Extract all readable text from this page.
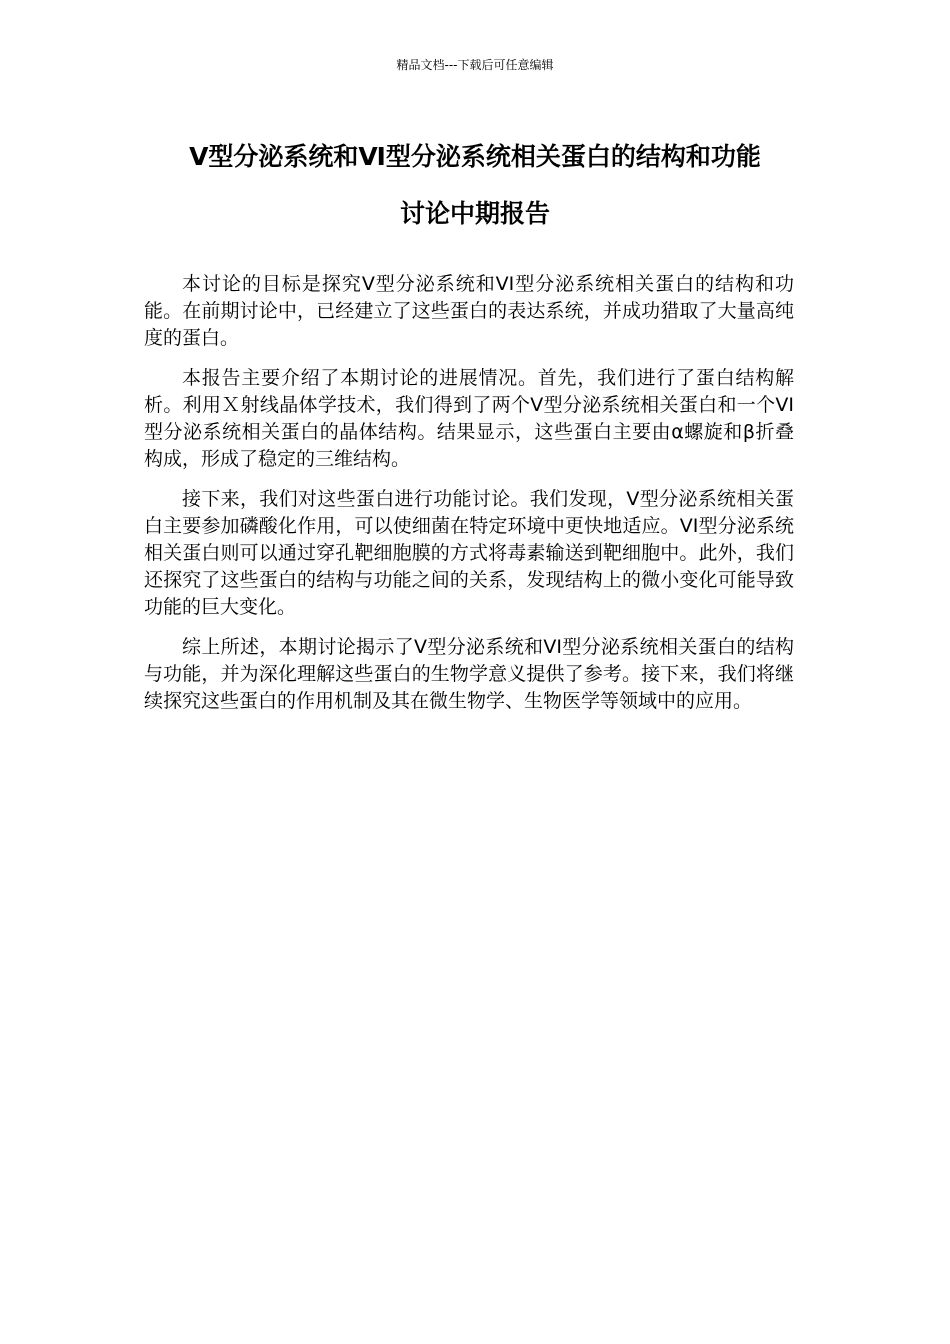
精品文档---下载后可任意编辑
Ⅴ型分泌系统和Ⅵ型分泌系统相关蛋白的结构和功能
讨论中期报告

本讨论的目标是探究Ⅴ型分泌系统和VI型分泌系统相关蛋白的结构和功能。在前期讨论中，已经建立了这些蛋白的表达系统，并成功猎取了大量高纯度的蛋白。

本报告主要介绍了本期讨论的进展情况。首先，我们进行了蛋白结构解析。利用Ｘ射线晶体学技术，我们得到了两个Ⅴ型分泌系统相关蛋白和一个VI型分泌系统相关蛋白的晶体结构。结果显示，这些蛋白主要由α螺旋和β折叠构成，形成了稳定的三维结构。

接下来，我们对这些蛋白进行功能讨论。我们发现，Ⅴ型分泌系统相关蛋白主要参加磷酸化作用，可以使细菌在特定环境中更快地适应。VI型分泌系统相关蛋白则可以通过穿孔靶细胞膜的方式将毒素输送到靶细胞中。此外，我们还探究了这些蛋白的结构与功能之间的关系，发现结构上的微小变化可能导致功能的巨大变化。

综上所述，本期讨论揭示了Ⅴ型分泌系统和VI型分泌系统相关蛋白的结构与功能，并为深化理解这些蛋白的生物学意义提供了参考。接下来，我们将继续探究这些蛋白的作用机制及其在微生物学、生物医学等领域中的应用。
